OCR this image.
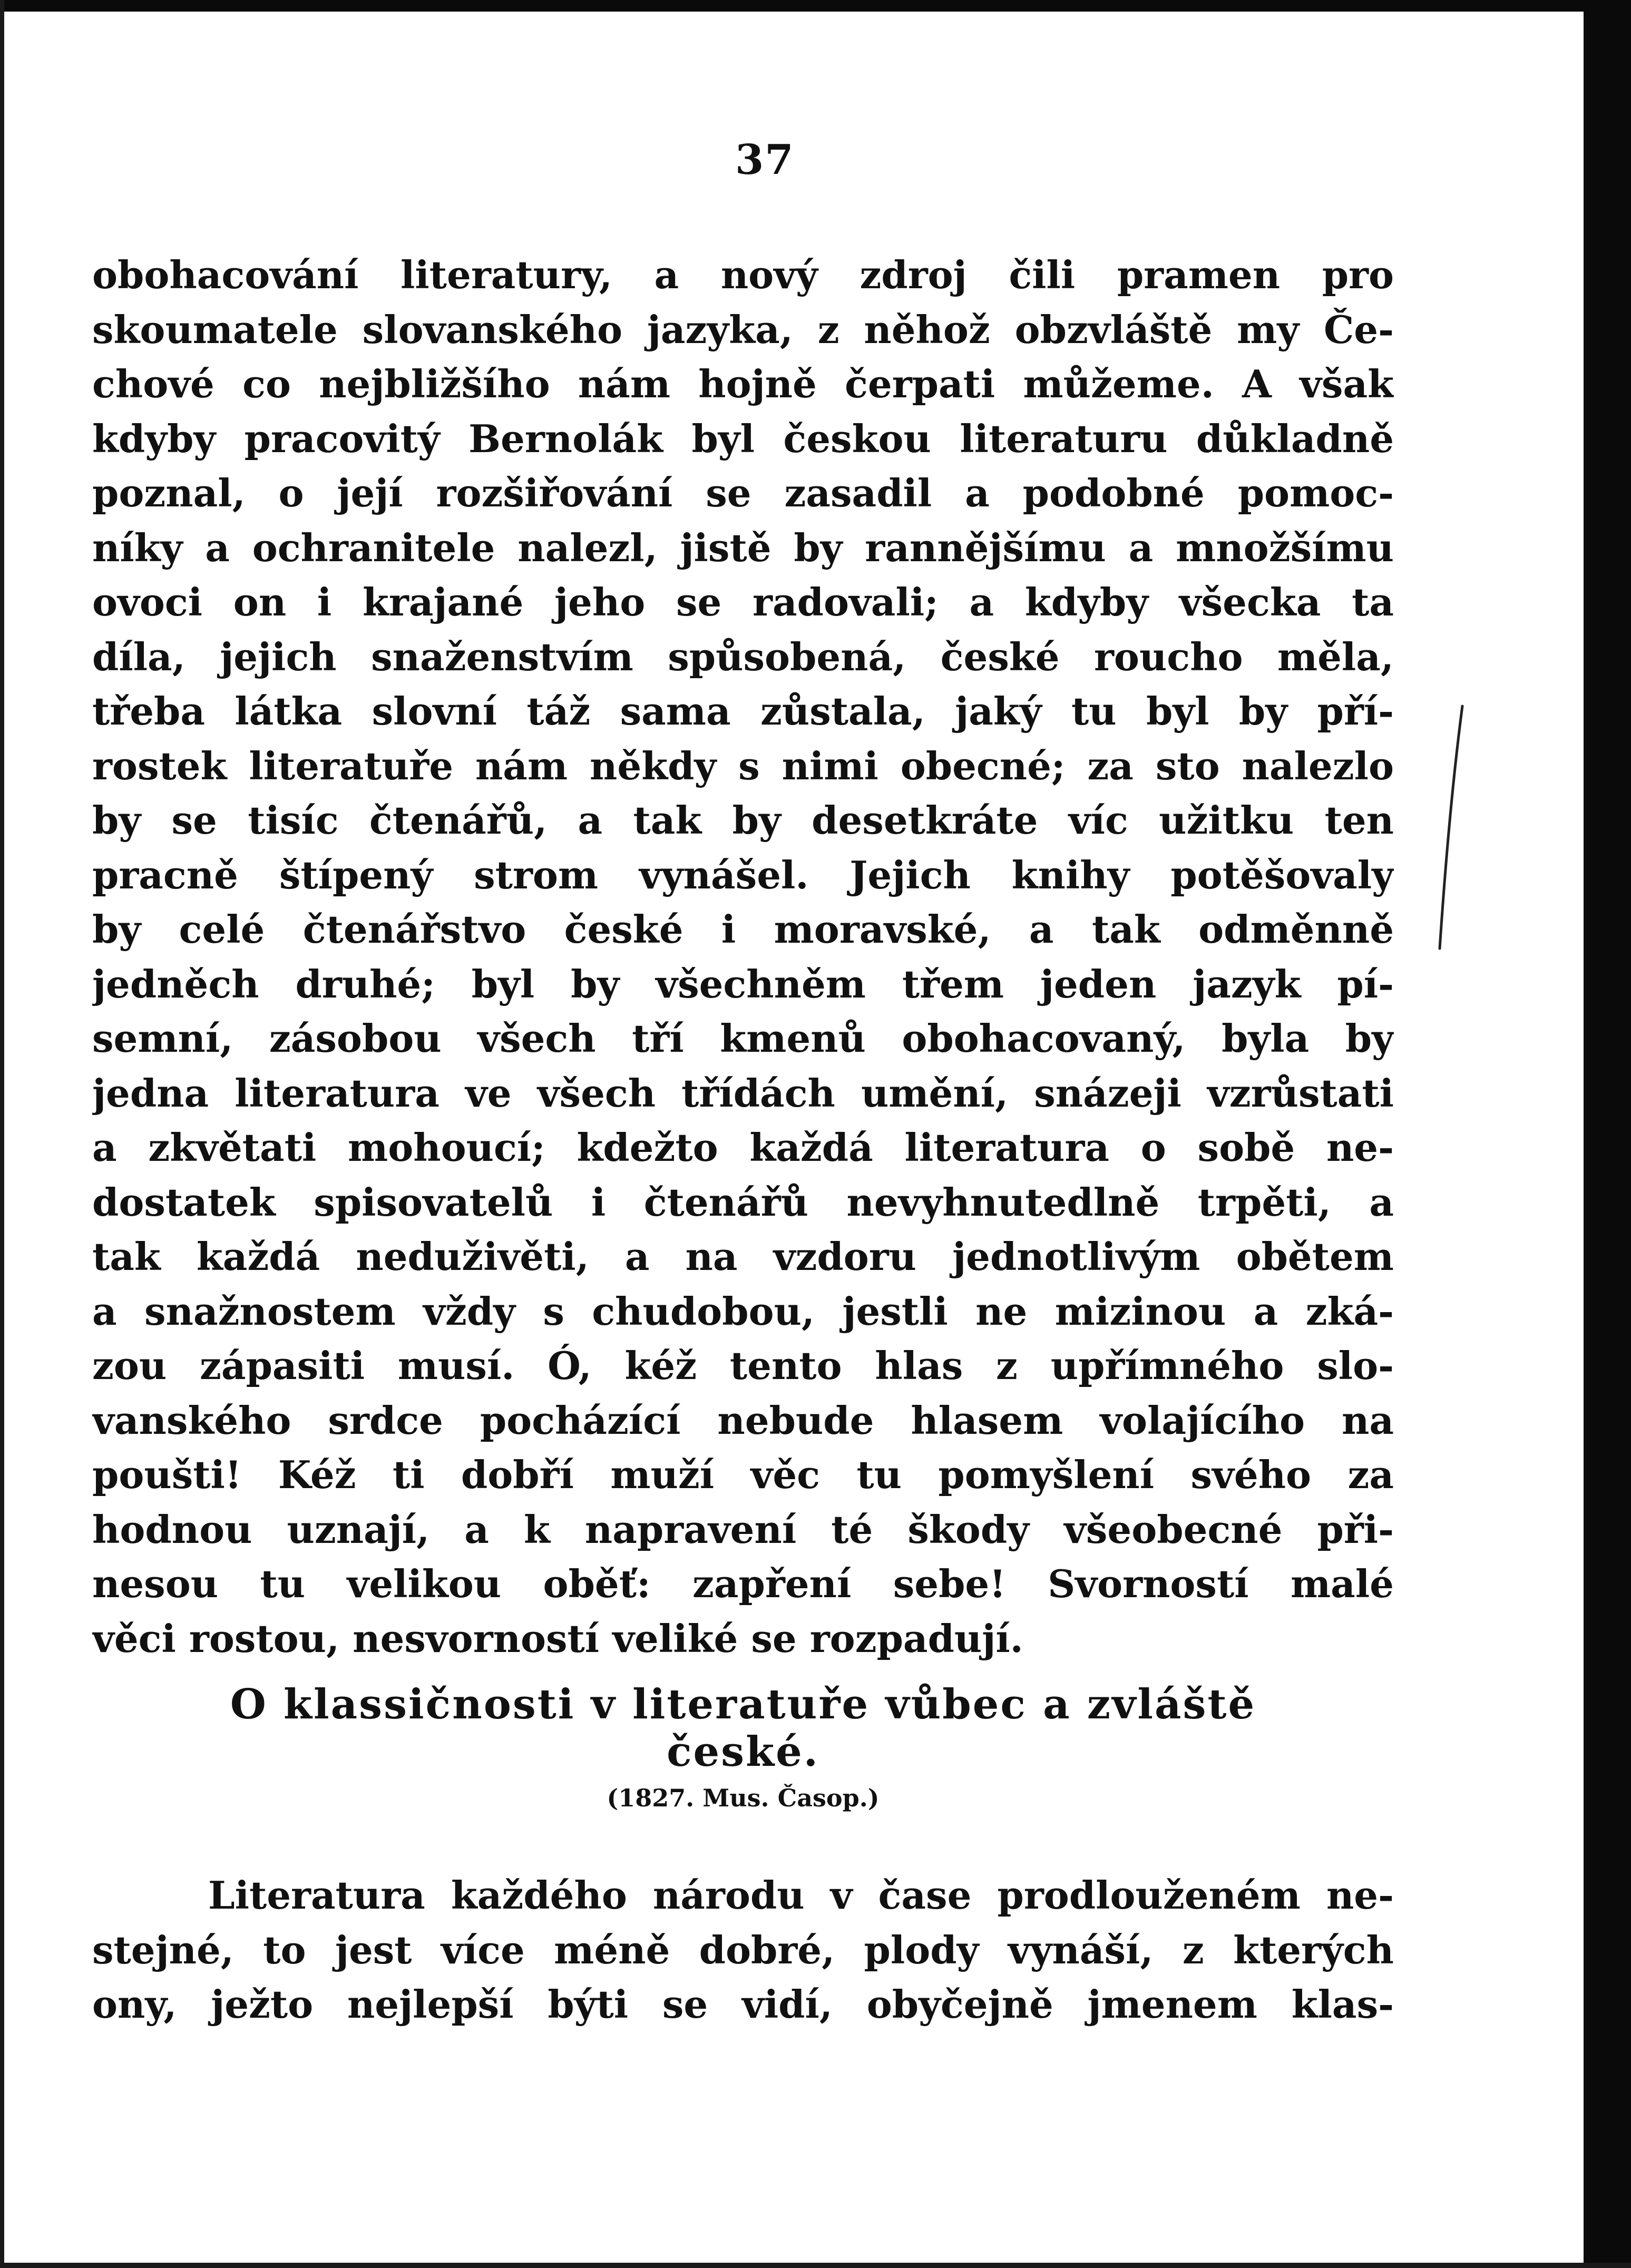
37
obohacování literatury, a nový zdroj čili pramen pro
skoumatele slovanského jazyka, z něhož obzvláště my Če-
chové co nejbližšího nám hojně čerpati můžeme. A však
kdyby pracovitý Bernolák byl českou literaturu důkladně
poznal, o její rozšiřování se zasadil a podobné pomoc-
níky a ochranitele nalezl, jistě by rannějšímu a množšímu
ovoci on i krajané jeho se radovali; a kdyby všecka ta
díla, jejich snaženstvím spůsobená, české roucho měla,
třeba látka slovní táž sama zůstala, jaký tu byl by pří-
rostek literatuře nám někdy s nimi obecné; za sto nalezlo
by se tisíc čtenářů, a tak by desetkráte víc užitku ten
pracně štípený strom vynášel. Jejich knihy potěšovaly
by celé čtenářstvo české i moravské, a tak odměnně
jedněch druhé; byl by všechněm třem jeden jazyk pí-
semní, zásobou všech tří kmenů obohacovaný, byla by
jedna literatura ve všech třídách umění, snázeji vzrůstati
a zkvětati mohoucí; kdežto každá literatura o sobě ne-
dostatek spisovatelů i čtenářů nevyhnutedlně trpěti, a
tak každá neduživěti, a na vzdoru jednotlivým obětem
a snažnostem vždy s chudobou, jestli ne mizinou a zká-
zou zápasiti musí. Ó, kéž tento hlas z upřímného slo-
vanského srdce pocházící nebude hlasem volajícího na
poušti! Kéž ti dobří muží věc tu pomyšlení svého za
hodnou uznají, a k napravení té škody všeobecné při-
nesou tu velikou oběť: zapření sebe! Svorností malé
věci rostou, nesvorností veliké se rozpadují.
O klassičnosti v literatuře vůbec a zvláště
české.
(1827. Mus. Časop.)
Literatura každého národu v čase prodlouženém ne-
stejné, to jest více méně dobré, plody vynáší, z kterých
ony, ježto nejlepší býti se vidí, obyčejně jmenem klas-
